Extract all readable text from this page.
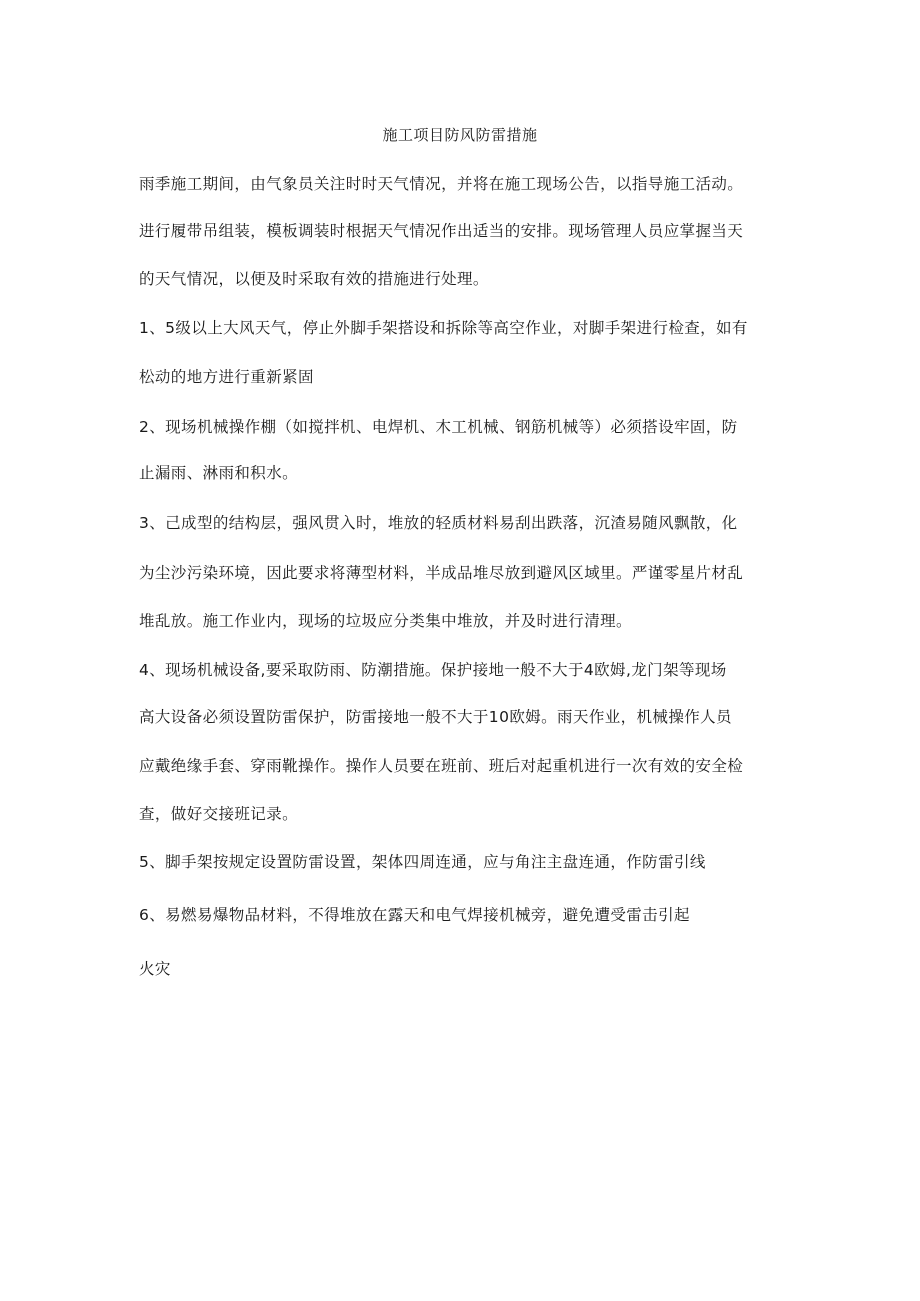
施工项目防风防雷措施
雨季施工期间，由气象员关注时时天气情况，并将在施工现场公告，以指导施工活动。
进行履带吊组装，模板调装时根据天气情况作出适当的安排。现场管理人员应掌握当天
的天气情况，以便及时采取有效的措施进行处理。
1、5级以上大风天气，停止外脚手架搭设和拆除等高空作业，对脚手架进行检查，如有
松动的地方进行重新紧固
2、现场机械操作棚（如搅拌机、电焊机、木工机械、钢筋机械等）必须搭设牢固，防
止漏雨、淋雨和积水。
3、己成型的结构层，强风贯入时，堆放的轻质材料易刮出跌落，沉渣易随风飘散，化
为尘沙污染环境，因此要求将薄型材料，半成品堆尽放到避风区域里。严谨零星片材乱
堆乱放。施工作业内，现场的垃圾应分类集中堆放，并及时进行清理。
4、现场机械设备,要采取防雨、防潮措施。保护接地一般不大于4欧姆,龙门架等现场
高大设备必须设置防雷保护，防雷接地一般不大于10欧姆。雨天作业，机械操作人员
应戴绝缘手套、穿雨靴操作。操作人员要在班前、班后对起重机进行一次有效的安全检
查，做好交接班记录。
5、脚手架按规定设置防雷设置，架体四周连通，应与角注主盘连通，作防雷引线
6、易燃易爆物品材料，不得堆放在露天和电气焊接机械旁，避免遭受雷击引起
火灾
